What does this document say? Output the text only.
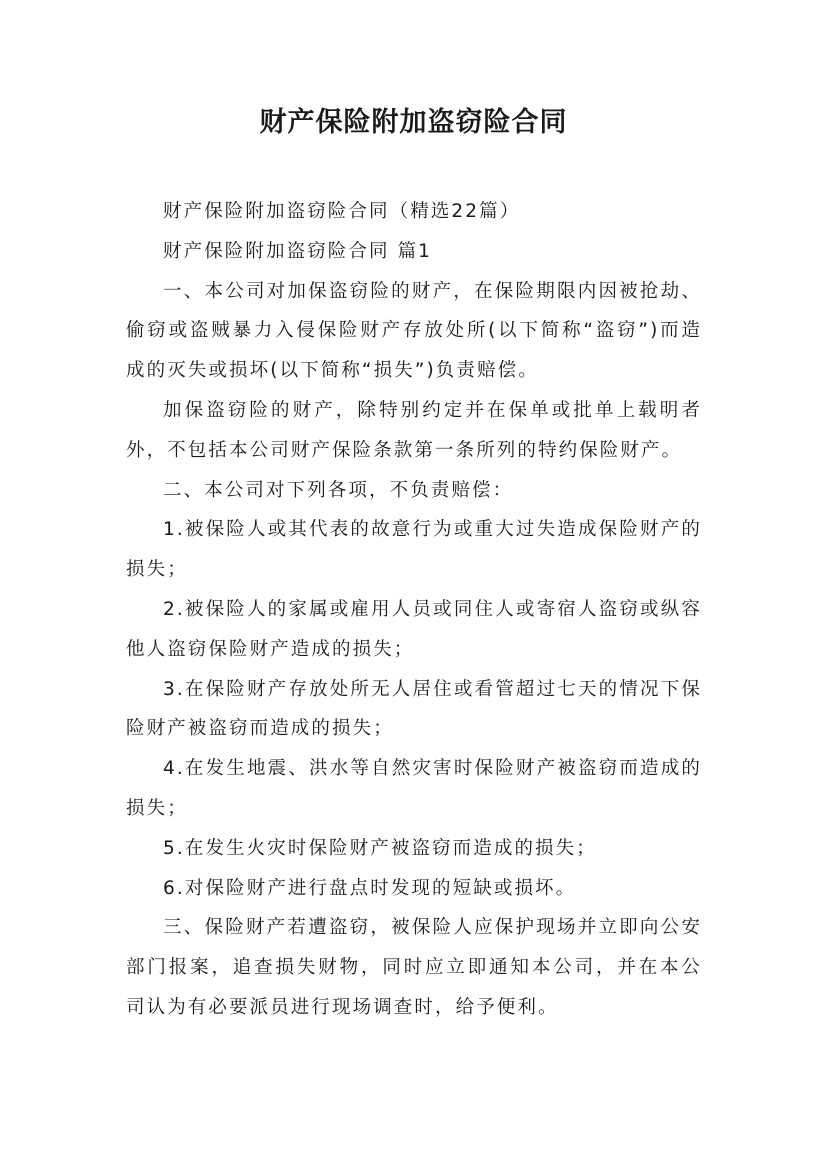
财产保险附加盗窃险合同

财产保险附加盗窃险合同（精选22篇）

财产保险附加盗窃险合同 篇1

一、本公司对加保盗窃险的财产，在保险期限内因被抢劫、偷窃或盗贼暴力入侵保险财产存放处所(以下简称“盗窃”)而造成的灭失或损坏(以下简称“损失”)负责赔偿。

加保盗窃险的财产，除特别约定并在保单或批单上载明者外，不包括本公司财产保险条款第一条所列的特约保险财产。

二、本公司对下列各项，不负责赔偿：

1.被保险人或其代表的故意行为或重大过失造成保险财产的损失；

2.被保险人的家属或雇用人员或同住人或寄宿人盗窃或纵容他人盗窃保险财产造成的损失；

3.在保险财产存放处所无人居住或看管超过七天的情况下保险财产被盗窃而造成的损失；

4.在发生地震、洪水等自然灾害时保险财产被盗窃而造成的损失；

5.在发生火灾时保险财产被盗窃而造成的损失；

6.对保险财产进行盘点时发现的短缺或损坏。

三、保险财产若遭盗窃，被保险人应保护现场并立即向公安部门报案，追查损失财物，同时应立即通知本公司，并在本公司认为有必要派员进行现场调查时，给予便利。
